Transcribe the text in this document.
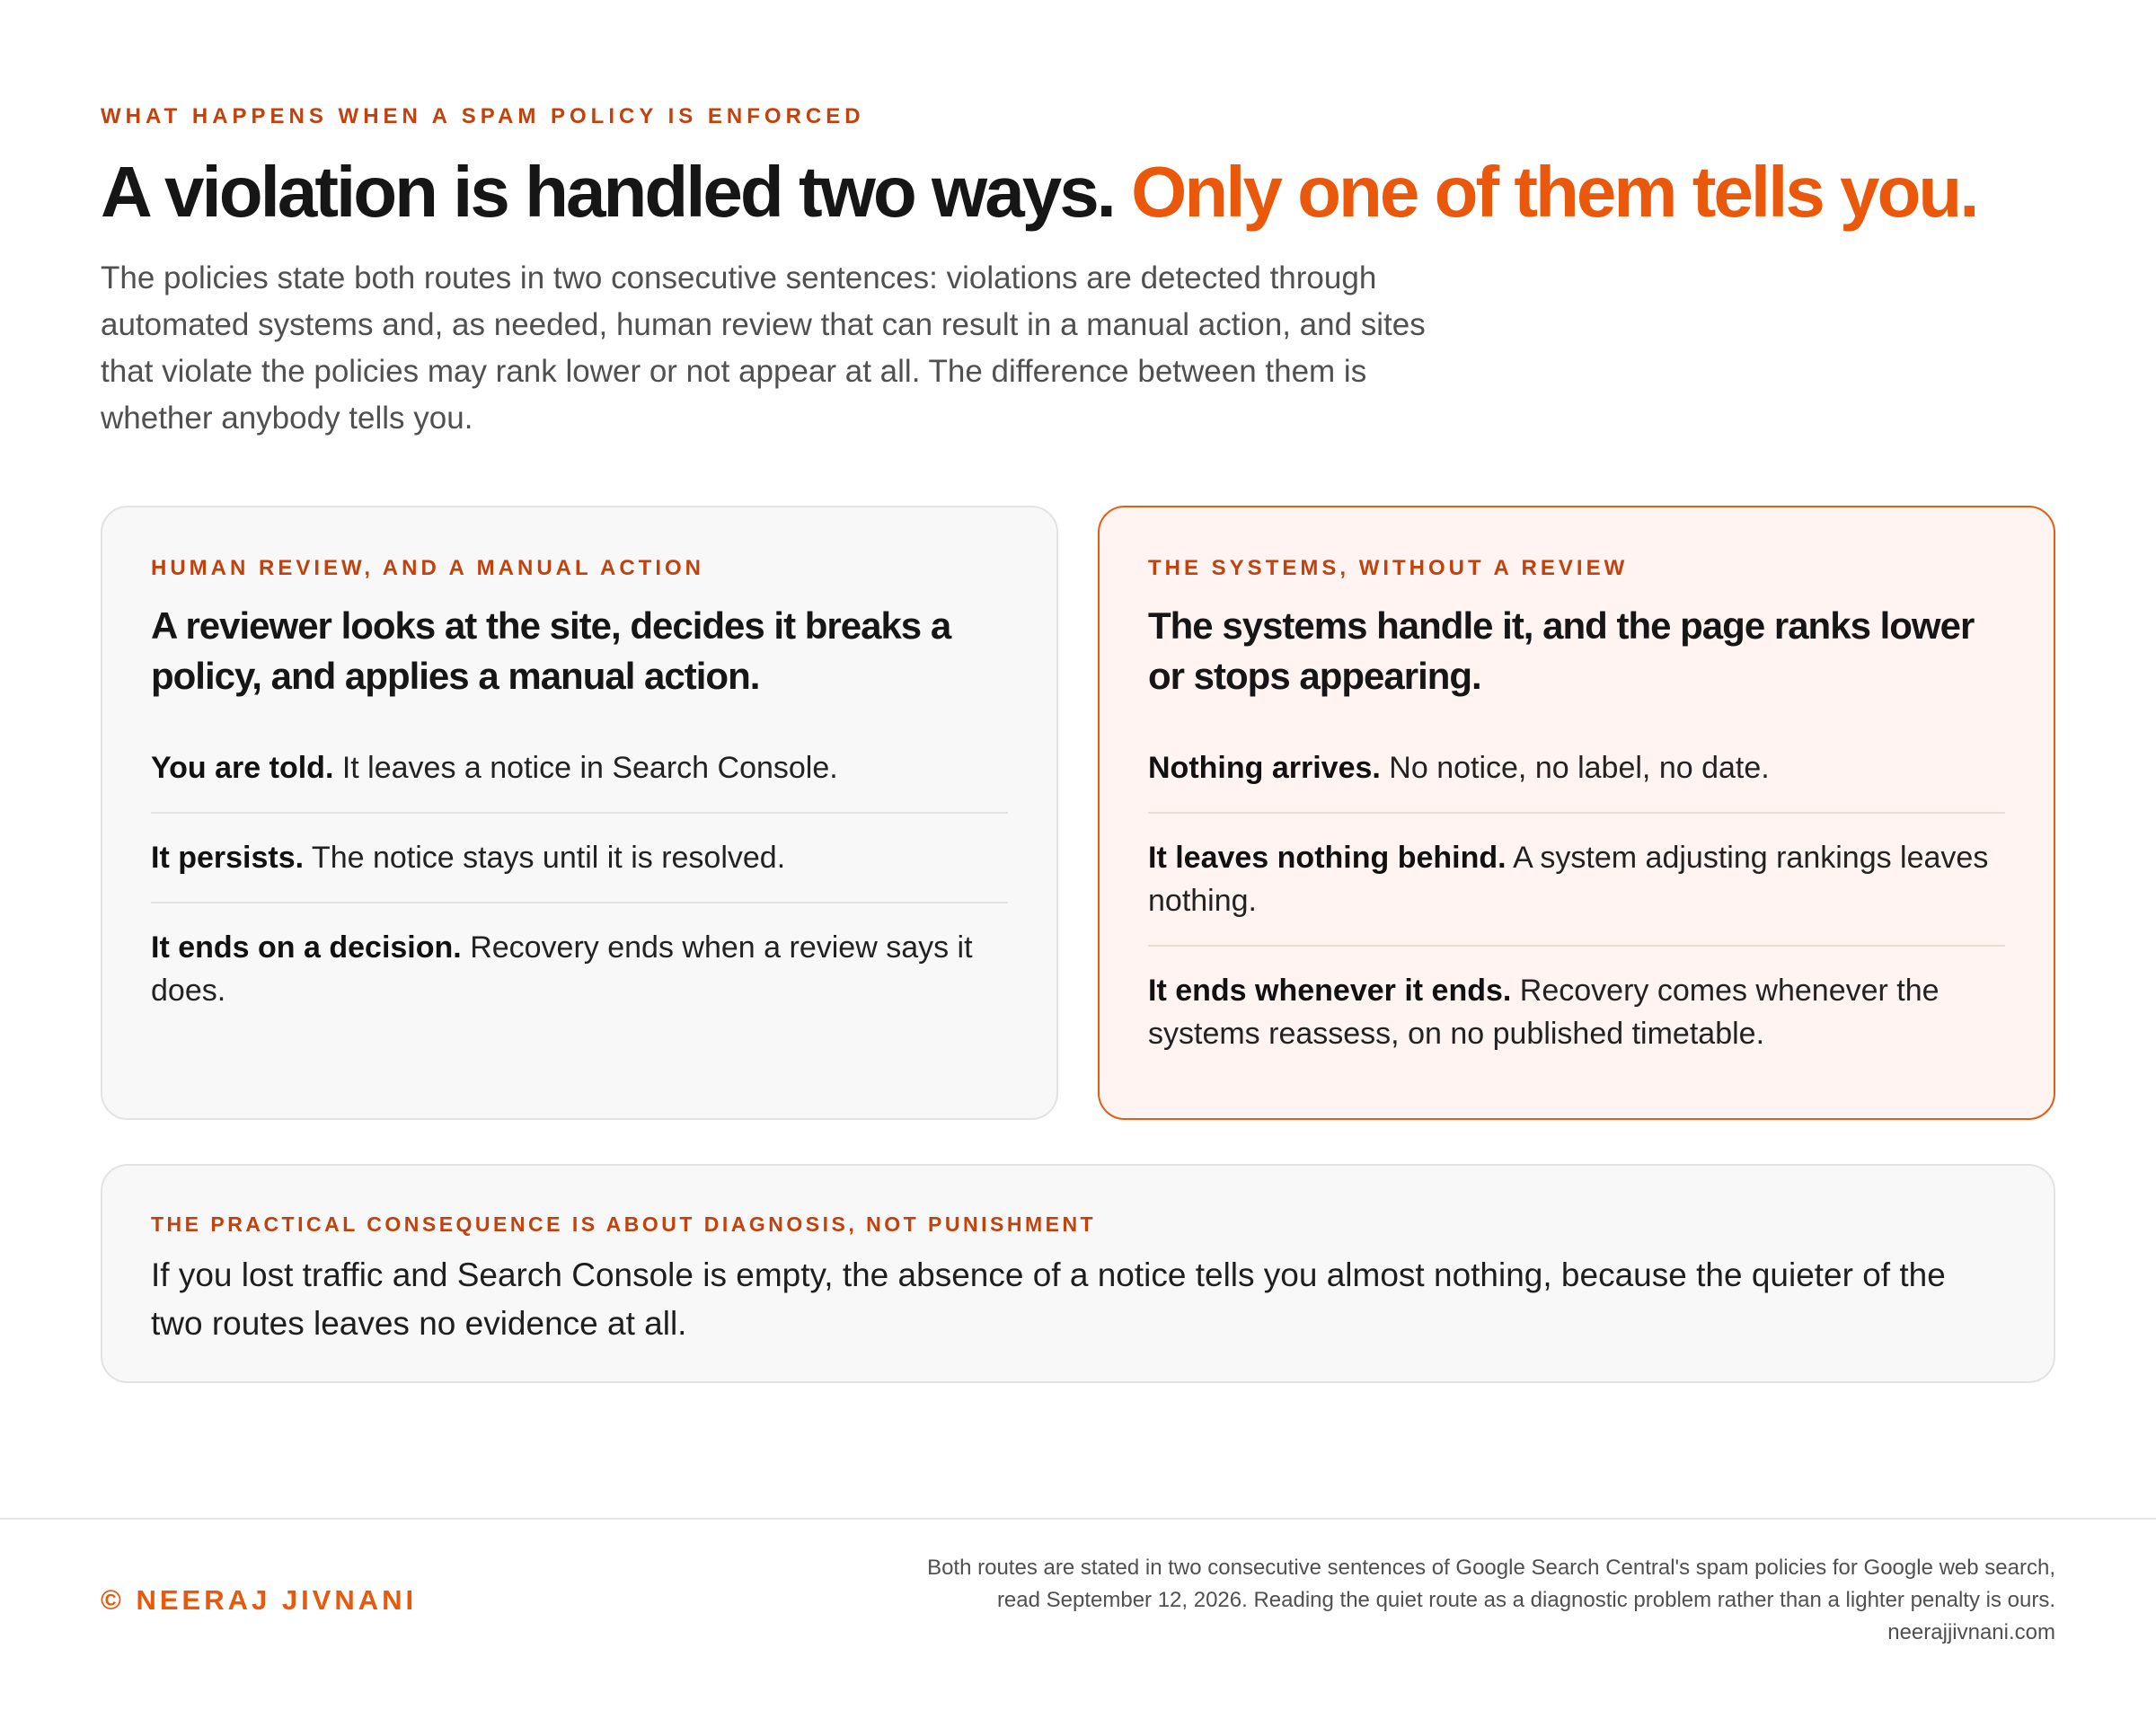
WHAT HAPPENS WHEN A SPAM POLICY IS ENFORCED
A violation is handled two ways. Only one of them tells you.

The policies state both routes in two consecutive sentences: violations are detected through automated systems and, as needed, human review that can result in a manual action, and sites that violate the policies may rank lower or not appear at all. The difference between them is whether anybody tells you.

HUMAN REVIEW, AND A MANUAL ACTION
A reviewer looks at the site, decides it breaks a policy, and applies a manual action.
You are told. It leaves a notice in Search Console.
It persists. The notice stays until it is resolved.
It ends on a decision. Recovery ends when a review says it does.
THE SYSTEMS, WITHOUT A REVIEW
The systems handle it, and the page ranks lower or stops appearing.
Nothing arrives. No notice, no label, no date.
It leaves nothing behind. A system adjusting rankings leaves nothing.
It ends whenever it ends. Recovery comes whenever the systems reassess, on no published timetable.
THE PRACTICAL CONSEQUENCE IS ABOUT DIAGNOSIS, NOT PUNISHMENT

If you lost traffic and Search Console is empty, the absence of a notice tells you almost nothing, because the quieter of the two routes leaves no evidence at all.

© NEERAJ JIVNANI
Both routes are stated in two consecutive sentences of Google Search Central's spam policies for Google web search,
read September 12, 2026. Reading the quiet route as a diagnostic problem rather than a lighter penalty is ours.
neerajjivnani.com
